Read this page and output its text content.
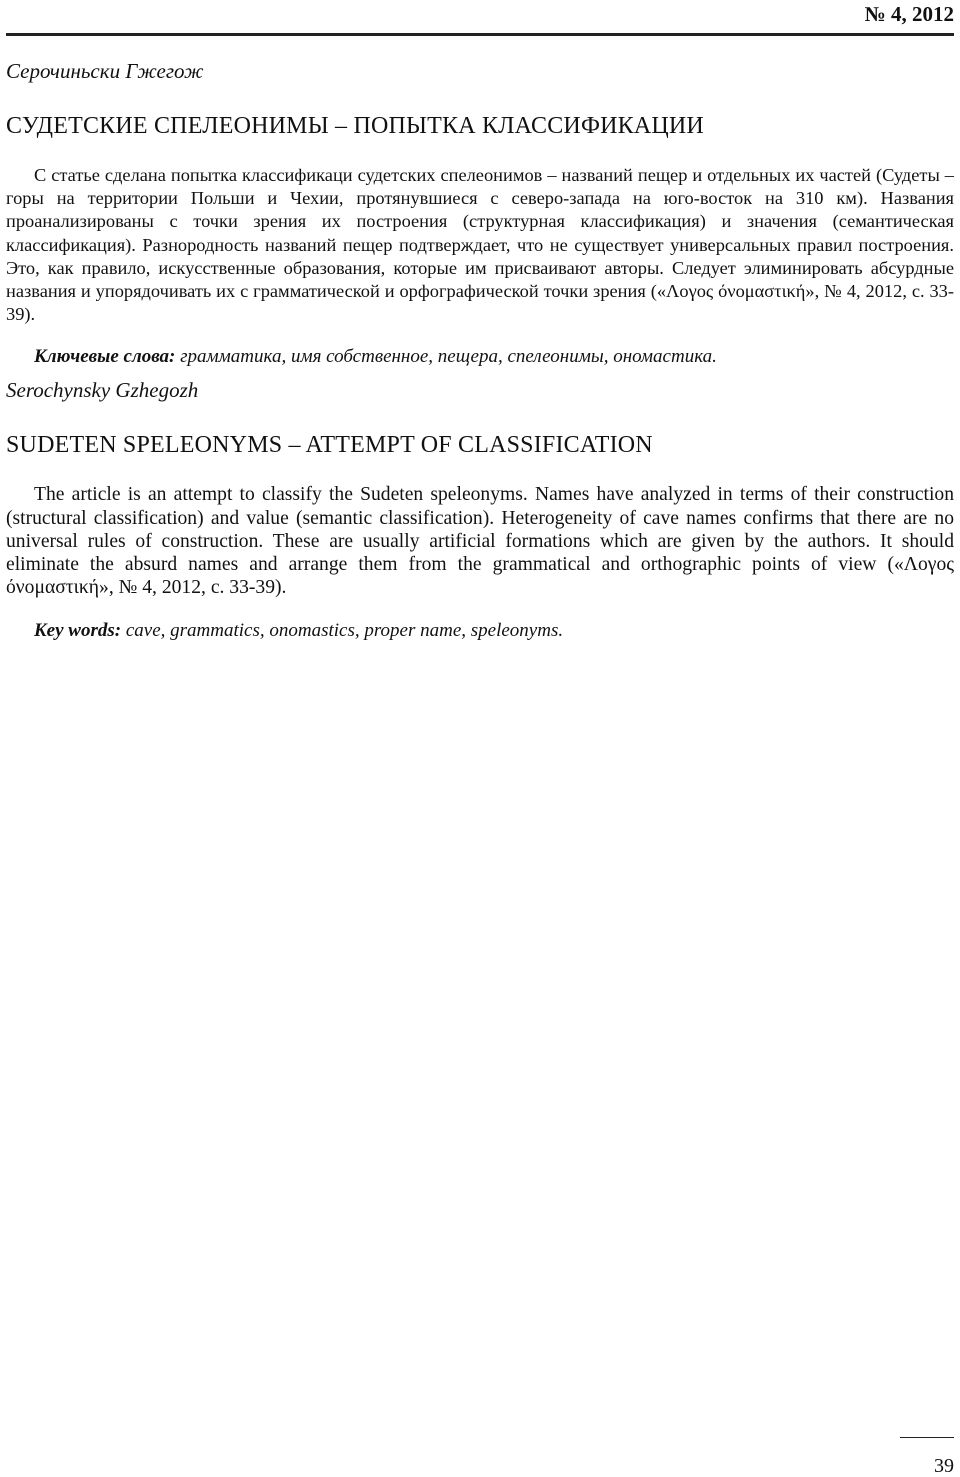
№ 4, 2012

Серочиньски Гжегож

СУДЕТСКИЕ СПЕЛЕОНИМЫ – ПОПЫТКА КЛАССИФИКАЦИИ

С статье сделана попытка классификаци судетских спелеонимов – названий пещер и отдельных их частей (Судеты – горы на территории Польши и Чехии, протянувшиеся с северо-запада на юго-восток на 310 км). Названия проанализированы с точки зрения их построения (структурная классификация) и значения (семантическая классификация). Разнородность названий пещер подтверждает, что не существует универсальных правил построения. Это, как правило, искусственные образования, которые им присваивают авторы. Следует элиминировать абсурдные названия и упорядочивать их с грамматической и орфографической точки зрения («Λογος όνομαστική», № 4, 2012, с. 33-39).

Ключевые слова: грамматика, имя собственное, пещера, спелеонимы, ономастика.

Serochynsky Gzhegozh

SUDETEN SPELEONYMS – ATTEMPT OF CLASSIFICATION

The article is an attempt to classify the Sudeten speleonyms. Names have analyzed in terms of their construction (structural classification) and value (semantic classification). Heterogeneity of cave names confirms that there are no universal rules of construction. These are usually artificial formations which are given by the authors. It should eliminate the absurd names and arrange them from the grammatical and orthographic points of view («Λογος όνομαστική», № 4, 2012, с. 33-39).

Key words: cave, grammatics, onomastics, proper name, speleonyms.

39
